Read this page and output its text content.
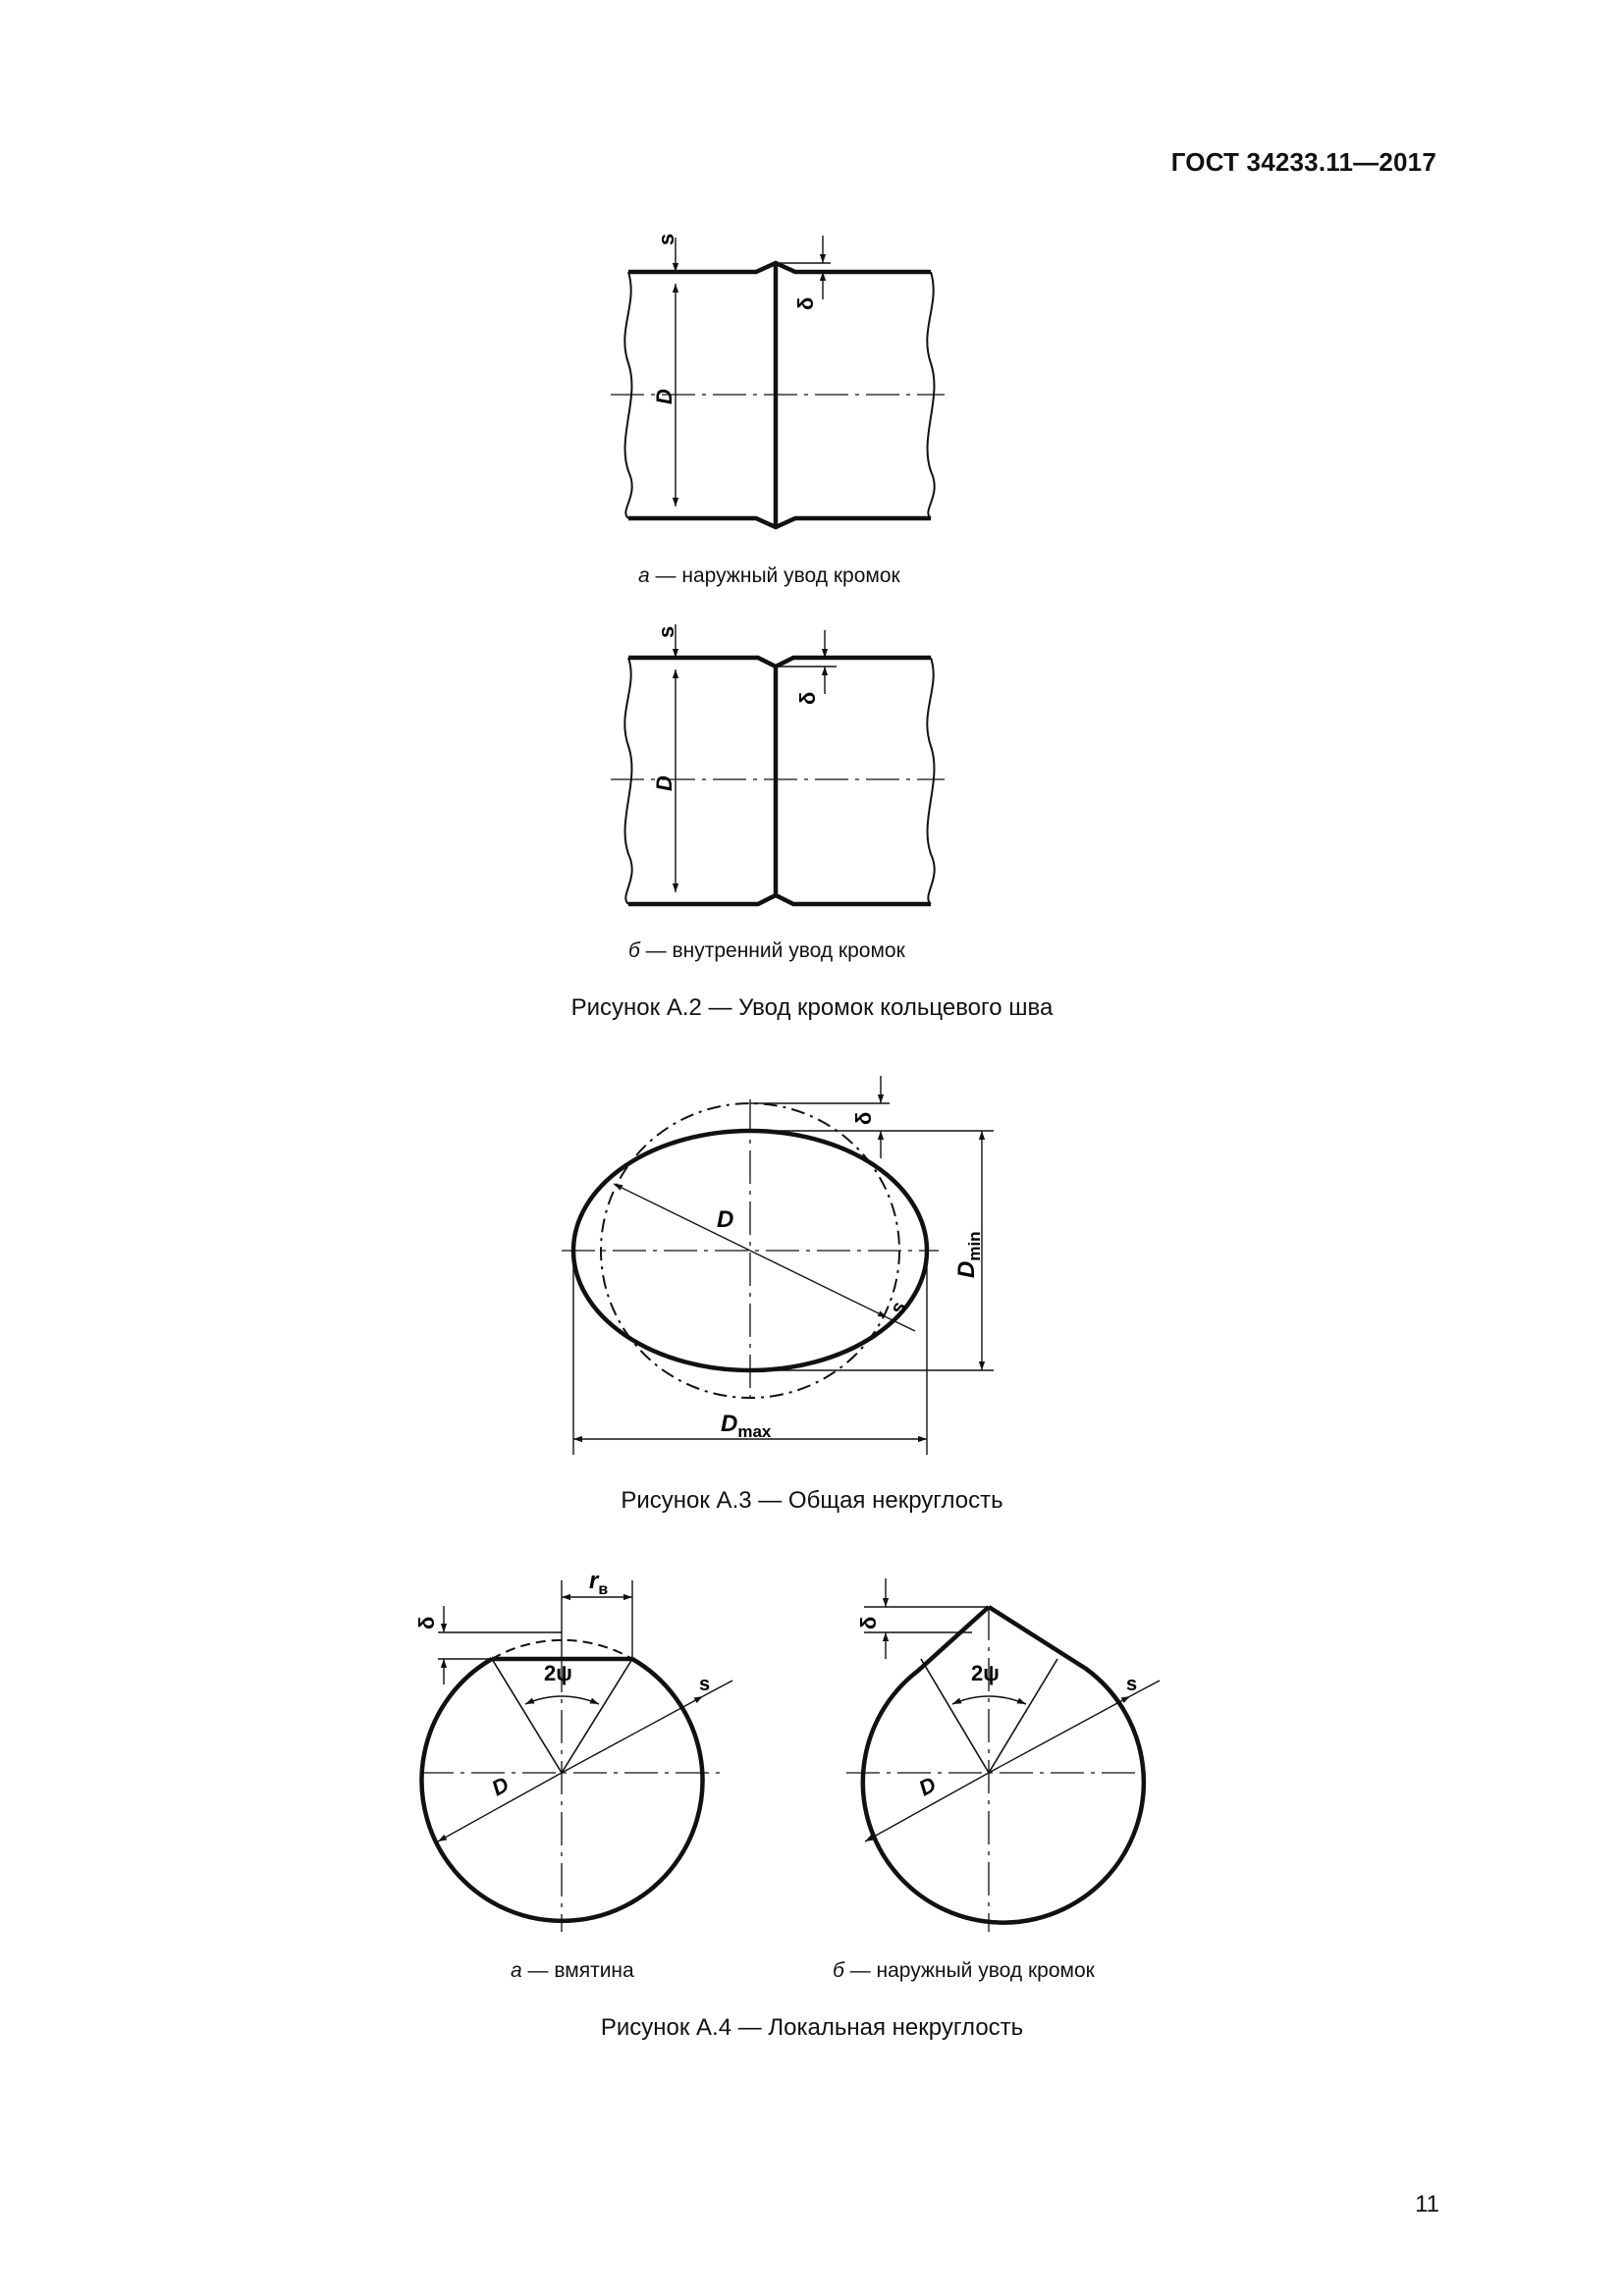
ГОСТ 34233.11—2017
s
δ
D
s
δ
D
а — наружный увод кромок
б — внутренний увод кромок
Рисунок А.2 — Увод кромок кольцевого шва
δ
D
s
$D_{min}$
$D_{max}$
Рисунок А.3 — Общая некруглость
δ
$r_в$
2ψ	s
D
δ
2ψ	s
D
а — вмятина	б — наружный увод кромок
Рисунок А.4 — Локальная некруглость
11
